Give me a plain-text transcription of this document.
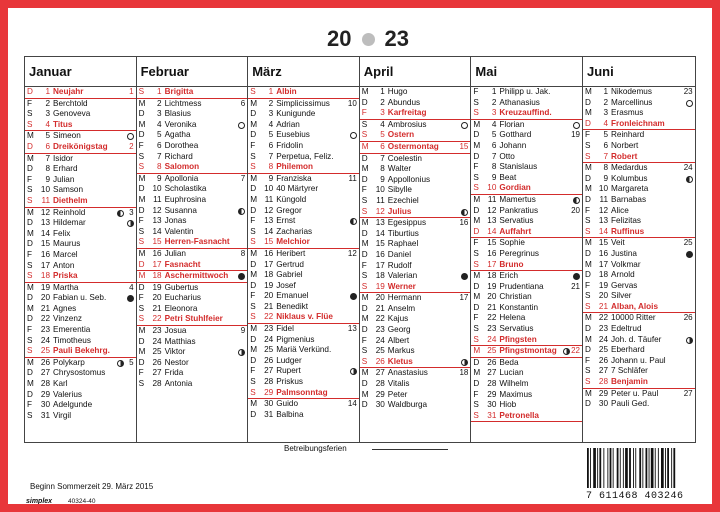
20 23
Januar
D	1 Neujahr	1
F	2 Berchtold
S	3 Genoveva
S	4 Titus
M	5 Simeon
D	6 Dreikönigstag	2
M	7 Isidor
D	8 Erhard
F	9 Julian
S	10 Samson
S	11 Diethelm
M 12 Reinhold	3
D 13 Hildemar
M 14 Felix
D 15 Maurus
F	16 Marcel
S	17 Anton
S	18 Priska
M 19 Martha	4
D 20 Fabian u. Seb.
M 21 Agnes
D 22 Vinzenz
F	23 Emerentia
S	24 Timotheus
S	25 Pauli Bekehrg.
M 26 Polykarp	5
D 27 Chrysostomus
M 28 Karl
D 29 Valerius
F	30 Adelgunde
S	31 Virgil
Februar
S	1 Brigitta
M	2 Lichtmess	6
D	3 Blasius
M	4 Veronika
D	5 Agatha
F	6 Dorothea
S	7 Richard
S	8 Salomon
M	9 Apollonia	7
D 10 Scholastika
M 11 Euphrosina
D 12 Susanna
F	13 Jonas
S	14 Valentin
S	15 Herren-Fasnacht
M 16 Julian	8
D 17 Fasnacht
M 18 Aschermittwoch
D 19 Gubertus
F	20 Eucharius
S	21 Eleonora
S	22 Petri Stuhlfeier
M 23 Josua	9
D 24 Matthias
M 25 Viktor
D 26 Nestor
F	27 Frida
S	28 Antonia
März
S	1 Albin
M	2 Simplicissimus 10
D	3 Kunigunde
M	4 Adrian
D	5 Eusebius
F	6 Fridolin
S	7 Perpetua, Feliz.
S	8 Philemon
M	9 Franziska	11
D 10 40 Märtyrer
M 11 Küngold
D 12 Gregor
F	13 Ernst
S	14 Zacharias
S	15 Melchior
M 16 Heribert	12
D 17 Gertrud
M 18 Gabriel
D 19 Josef
F	20 Emanuel
S	21 Benedikt
S	22 Niklaus v. Flüe
M 23 Fidel	13
D 24 Pigmenius
M 25 Mariä Verkünd.
D 26 Ludger
F	27 Rupert
S	28 Priskus
S	29 Palmsonntag
M 30 Guido	14
D 31 Balbina
April
M	1 Hugo
D	2 Abundus
F	3 Karfreitag
S	4 Ambrosius
S	5 Ostern
M	6 Ostermontag	15
D	7 Coelestin
M	8 Walter
D	9 Appollonius
F	10 Sibylle
S	11 Ezechiel
S	12 Julius
M 13 Egesippus	16
D 14 Tiburtius
M 15 Raphael
D 16 Daniel
F	17 Rudolf
S	18 Valerian
S	19 Werner
M 20 Hermann	17
D 21 Anselm
M 22 Kajus
D 23 Georg
F	24 Albert
S	25 Markus
S	26 Kletus
M 27 Anastasius	18
D 28 Vitalis
M 29 Peter
D 30 Waldburga
Mai
F	1 Philipp u. Jak.
S	2 Athanasius
S	3 Kreuzauffind.
M	4 Florian
D	5 Gotthard	19
M	6 Johann
D	7 Otto
F	8 Stanislaus
S	9 Beat
S	10 Gordian
M 11 Mamertus
D 12 Pankratius	20
M 13 Servatius
D 14 Auffahrt
F	15 Sophie
S	16 Peregrinus
S	17 Bruno
M 18 Erich
D 19 Prudentiana	21
M 20 Christian
D 21 Konstantin
F	22 Helena
S	23 Servatius
S	24 Pfingsten
M 25 Pfingstmontag 22
D 26 Beda
M 27 Lucian
D 28 Wilhelm
F	29 Maximus
S	30 Hiob
S	31 Petronella
Juni
M	1 Nikodemus	23
D	2 Marcellinus
M	3 Erasmus
D	4 Fronleichnam
F	5 Reinhard
S	6 Norbert
S	7 Robert
M	8 Medardus	24
D	9 Kolumbus
M 10 Margareta
D	11 Barnabas
F	12 Alice
S	13 Felizitas
S	14 Ruffinus
M 15 Veit	25
D 16 Justina
M 17 Volkmar
D 18 Arnold
F	19 Gervas
S	20 Silver
S	21 Alban, Alois
M 22 10000 Ritter	26
D 23 Edeltrud
M 24 Joh. d. Täufer
D 25 Eberhard
F	26 Johann u. Paul
S	27 7 Schläfer
S	28 Benjamin
M 29 Peter u. Paul	27
D 30 Pauli Ged.
Betreibungsferien
Beginn Sommerzeit 29. März 2015
simplex 40324-40	7 611468 403246
